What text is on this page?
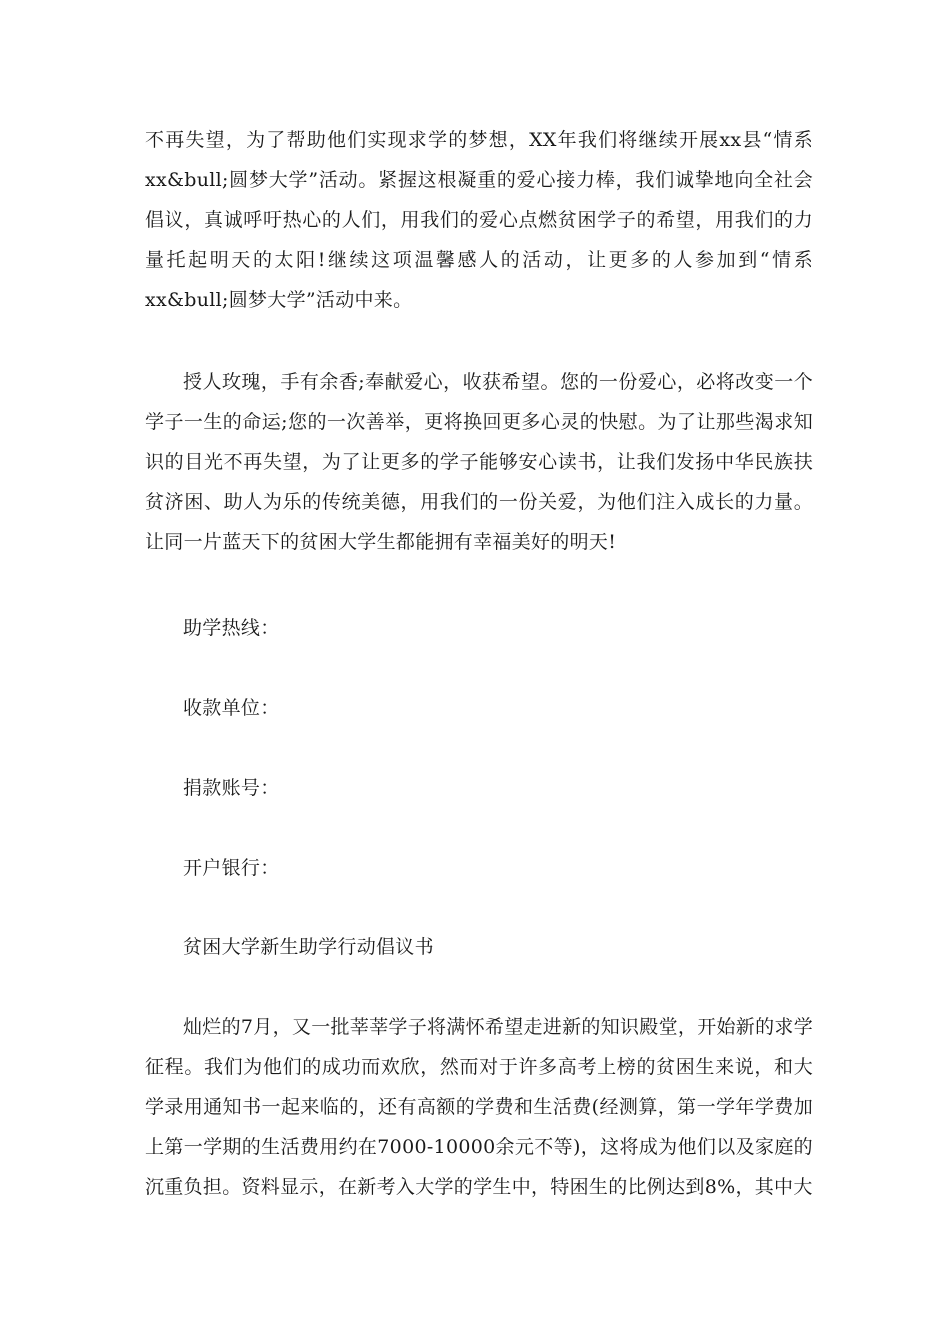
不再失望，为了帮助他们实现求学的梦想，XX年我们将继续开展xx县“情系xx&bull;圆梦大学”活动。紧握这根凝重的爱心接力棒，我们诚挚地向全社会倡议，真诚呼吁热心的人们，用我们的爱心点燃贫困学子的希望，用我们的力量托起明天的太阳!继续这项温馨感人的活动，让更多的人参加到“情系xx&bull;圆梦大学”活动中来。

授人玫瑰，手有余香;奉献爱心，收获希望。您的一份爱心，必将改变一个学子一生的命运;您的一次善举，更将换回更多心灵的快慰。为了让那些渴求知识的目光不再失望，为了让更多的学子能够安心读书，让我们发扬中华民族扶贫济困、助人为乐的传统美德，用我们的一份关爱，为他们注入成长的力量。让同一片蓝天下的贫困大学生都能拥有幸福美好的明天!

助学热线：

收款单位：

捐款账号：

开户银行：

贫困大学新生助学行动倡议书

灿烂的7月，又一批莘莘学子将满怀希望走进新的知识殿堂，开始新的求学征程。我们为他们的成功而欢欣，然而对于许多高考上榜的贫困生来说，和大学录用通知书一起来临的，还有高额的学费和生活费(经测算，第一学年学费加上第一学期的生活费用约在7000-10000余元不等)，这将成为他们以及家庭的沉重负担。资料显示，在新考入大学的学生中，特困生的比例达到8%，其中大
